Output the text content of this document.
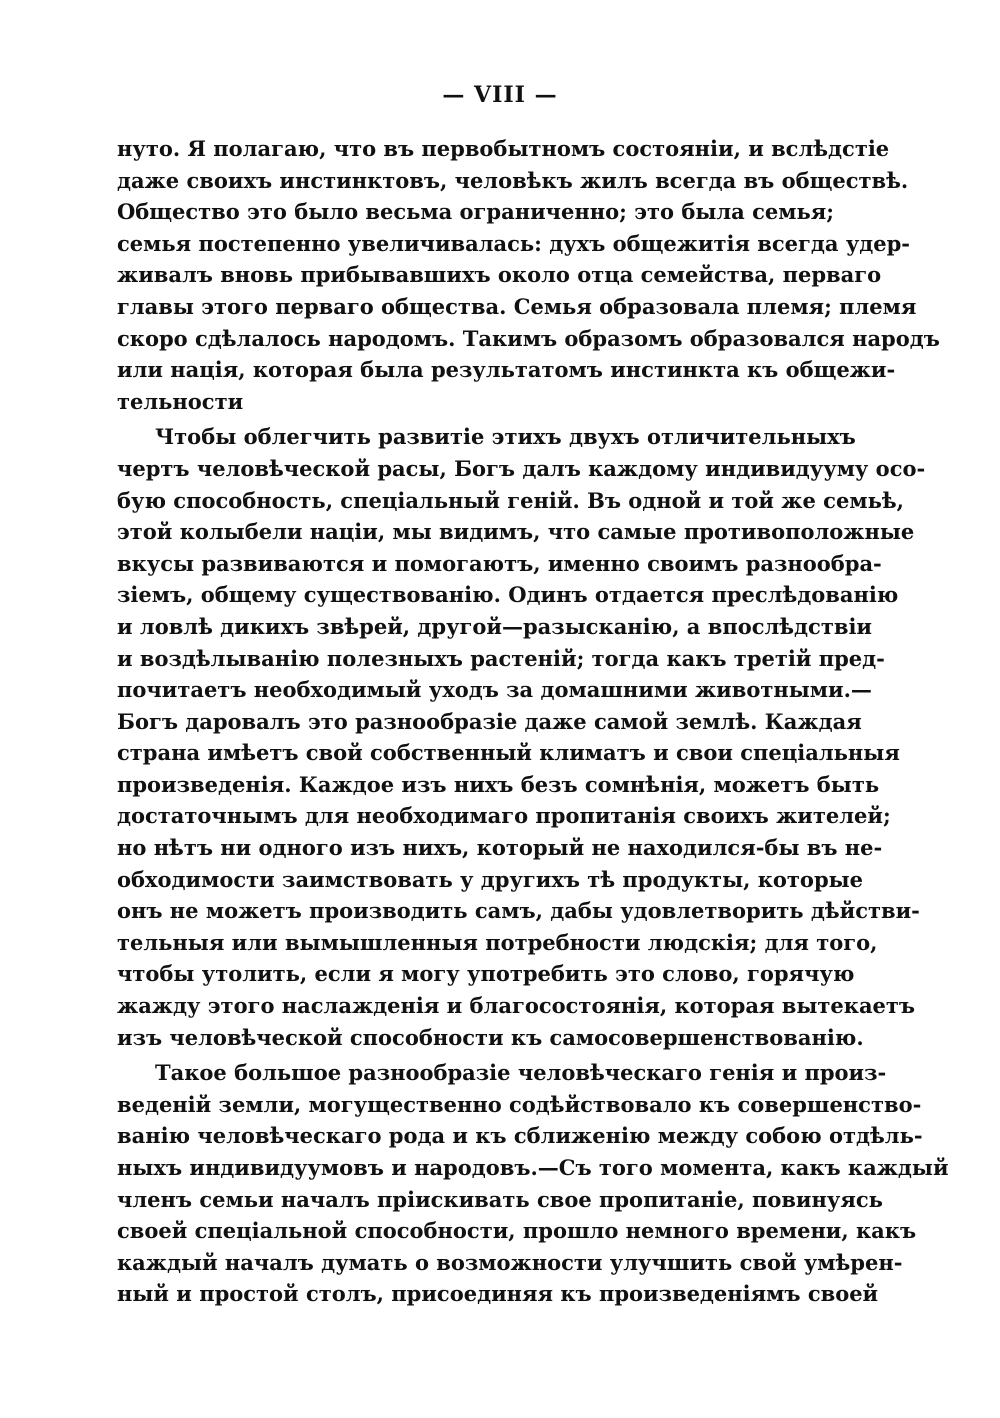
— VIII —
нуто. Я полагаю, что въ первобытномъ состоянiи, и вслѣдстiе
даже своихъ инстинктовъ, человѣкъ жилъ всегда въ обществѣ.
Общество это было весьма ограниченно; это была семья;
семья постепенно увеличивалась: духъ общежитiя всегда удер-
живалъ вновь прибывавшихъ около отца семейства, перваго
главы этого перваго общества. Семья образовала племя; племя
скоро сдѣлалось народомъ. Такимъ образомъ образовался народъ
или нацiя, которая была результатомъ инстинкта къ общежи-
тельности
Чтобы облегчить развитiе этихъ двухъ отличительныхъ
чертъ человѣческой расы, Богъ далъ каждому индивидууму осо-
бую способность, спецiальный генiй. Въ одной и той же семьѣ,
этой колыбели нацiи, мы видимъ, что самые противоположные
вкусы развиваются и помогаютъ, именно своимъ разнообра-
зiемъ, общему существованiю. Одинъ отдается преслѣдованiю
и ловлѣ дикихъ звѣрей, другой—разысканiю, а впослѣдствiи
и воздѣлыванiю полезныхъ растенiй; тогда какъ третiй пред-
почитаетъ необходимый уходъ за домашними животными.—
Богъ даровалъ это разнообразiе даже самой землѣ. Каждая
страна имѣетъ свой собственный климатъ и свои спецiальныя
произведенiя. Каждое изъ нихъ безъ сомнѣнiя, можетъ быть
достаточнымъ для необходимаго пропитанiя своихъ жителей;
но нѣтъ ни одного изъ нихъ, который не находился-бы въ не-
обходимости заимствовать у другихъ тѣ продукты, которые
онъ не можетъ производить самъ, дабы удовлетворить дѣйстви-
тельныя или вымышленныя потребности людскiя; для того,
чтобы утолить, если я могу употребить это слово, горячую
жажду этого наслажденiя и благосостоянiя, которая вытекаетъ
изъ человѣческой способности къ самосовершенствованiю.
Такое большое разнообразiе человѣческаго генiя и произ-
веденiй земли, могущественно содѣйствовало къ совершенство-
ванiю человѣческаго рода и къ сближенiю между собою отдѣль-
ныхъ индивидуумовъ и народовъ.—Съ того момента, какъ каждый
членъ семьи началъ прiискивать свое пропитанiе, повинуясь
своей спецiальной способности, прошло немного времени, какъ
каждый началъ думать о возможности улучшить свой умѣрен-
ный и простой столъ, присоединяя къ произведенiямъ своей
